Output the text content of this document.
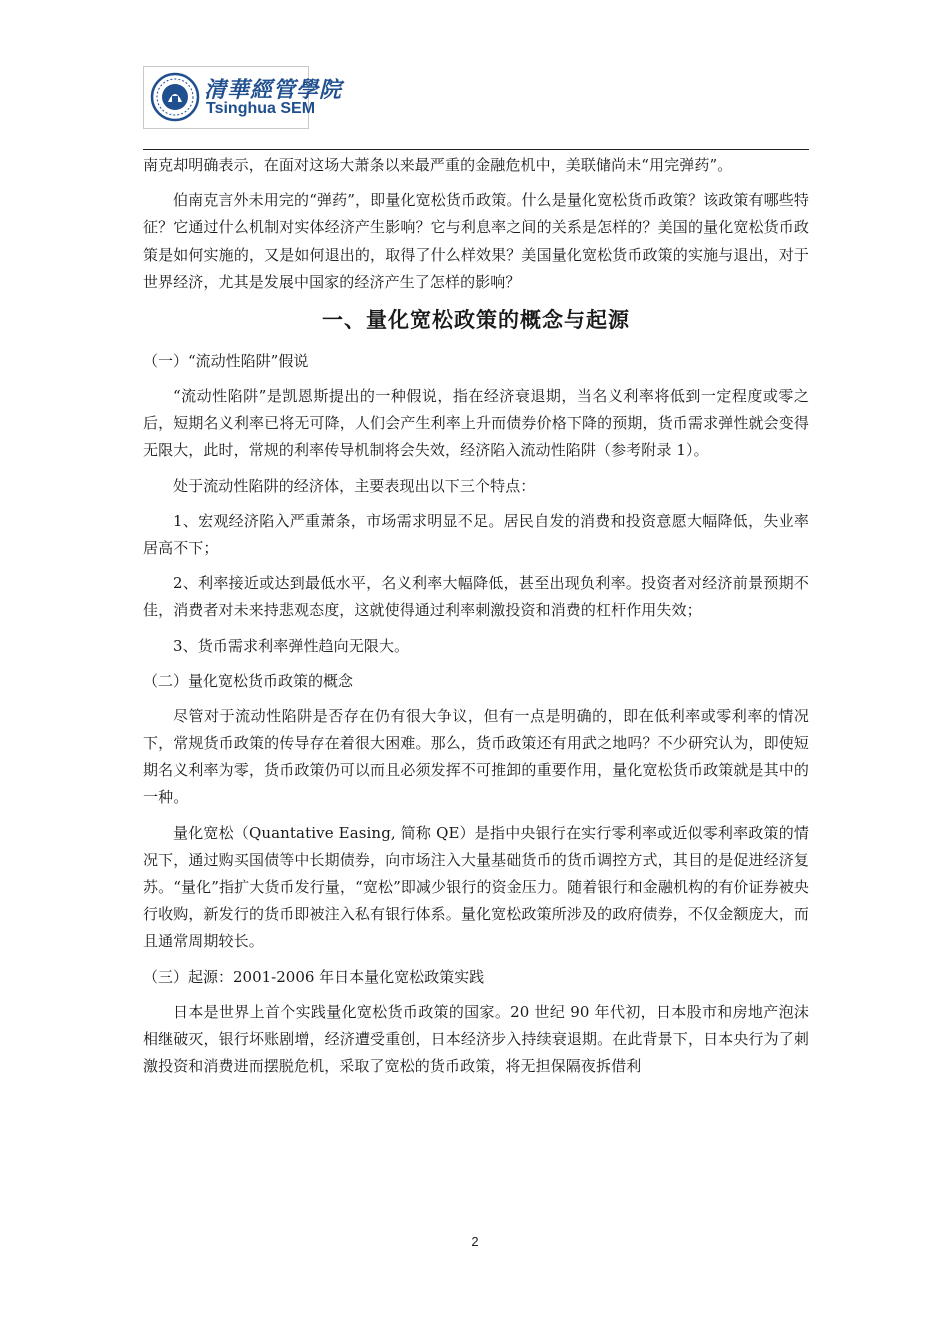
清華經管學院
Tsinghua SEM

南克却明确表示，在面对这场大萧条以来最严重的金融危机中，美联储尚未“用完弹药”。

伯南克言外未用完的“弹药”，即量化宽松货币政策。什么是量化宽松货币政策？该政策有哪些特征？它通过什么机制对实体经济产生影响？它与利息率之间的关系是怎样的？美国的量化宽松货币政策是如何实施的，又是如何退出的，取得了什么样效果？美国量化宽松货币政策的实施与退出，对于世界经济，尤其是发展中国家的经济产生了怎样的影响？

一、量化宽松政策的概念与起源
（一）“流动性陷阱”假说

“流动性陷阱”是凯恩斯提出的一种假说，指在经济衰退期，当名义利率将低到一定程度或零之后，短期名义利率已将无可降，人们会产生利率上升而债券价格下降的预期，货币需求弹性就会变得无限大，此时，常规的利率传导机制将会失效，经济陷入流动性陷阱（参考附录 1）。

处于流动性陷阱的经济体，主要表现出以下三个特点：

1、宏观经济陷入严重萧条，市场需求明显不足。居民自发的消费和投资意愿大幅降低，失业率居高不下；

2、利率接近或达到最低水平，名义利率大幅降低，甚至出现负利率。投资者对经济前景预期不佳，消费者对未来持悲观态度，这就使得通过利率刺激投资和消费的杠杆作用失效；

3、货币需求利率弹性趋向无限大。

（二）量化宽松货币政策的概念

尽管对于流动性陷阱是否存在仍有很大争议，但有一点是明确的，即在低利率或零利率的情况下，常规货币政策的传导存在着很大困难。那么，货币政策还有用武之地吗？不少研究认为，即使短期名义利率为零，货币政策仍可以而且必须发挥不可推卸的重要作用，量化宽松货币政策就是其中的一种。

量化宽松（Quantative Easing, 简称 QE）是指中央银行在实行零利率或近似零利率政策的情况下，通过购买国债等中长期债券，向市场注入大量基础货币的货币调控方式，其目的是促进经济复苏。“量化”指扩大货币发行量，“宽松”即减少银行的资金压力。随着银行和金融机构的有价证券被央行收购，新发行的货币即被注入私有银行体系。量化宽松政策所涉及的政府债券，不仅金额庞大，而且通常周期较长。

（三）起源：2001-2006 年日本量化宽松政策实践

日本是世界上首个实践量化宽松货币政策的国家。20 世纪 90 年代初，日本股市和房地产泡沫相继破灭，银行坏账剧增，经济遭受重创，日本经济步入持续衰退期。在此背景下，日本央行为了刺激投资和消费进而摆脱危机，采取了宽松的货币政策，将无担保隔夜拆借利

2
